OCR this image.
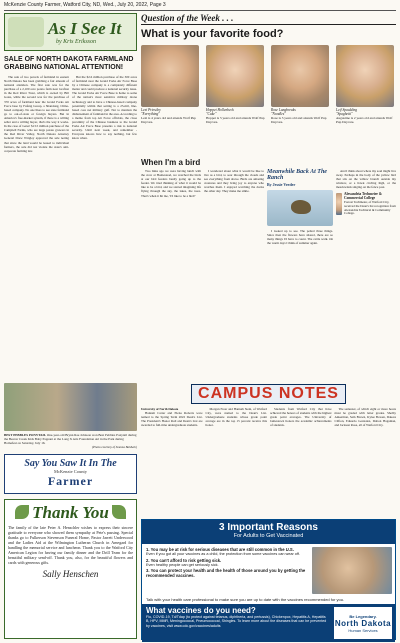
McKenzie County Farmer, Watford City, ND, Wed., July 20, 2022, Page 3
As I See It
by Kris Eriksson
SALE OF NORTH DAKOTA FARMLAND GRABBING NATIONAL ATTENTION!

The sale of two parcels of farmland in eastern North Dakota has been grabbing a fair amount of national attention. The first sale was for the purchase of a 2,100 acre potato farm near Grafton in the Red River Trust, which is owned by Bill Gates, while the second was for the purchase of 370 acres of farmland near the Grand Forks Air Force base by Fufeng Group, a Shandong, China-based company. No one likes to see state farmland go to out-of-state or foreign buyers. But in America's free-market system, if there is a willing seller and a willing buyer, that's the way it works. In the case of Gates' $13.5 million purchase of the Campbell Farms, who are large potato growers in the Red River Valley, North Dakota Attorney General Drew Wrigley approved the sale noting that since the land would be leased to individual farmers, the sale did not violate the state's anti-corporate farming law.

But the $2.6 million purchase of the 300 acres of farmland near the Grand Forks Air Force Base by a Chinese company is a completely different matter and could produce a national security issue. The Grand Forks Air Force Base is home to some of the nation's most sensitive military drone technology and to have a Chinese-based company potentially within that setting is a 25-mil, line-based core net military gulf. Not to mention the disbursement of farmland in the area. According to a memo from top Air Force officials, the close proximity of the Chinese business to the Grand Forks Air Force Base presents a risk to national security. Until next week, and remember - Everyone knows how to say nothing, but few know when.

Question of the Week . . .
What is your favorite food?
Lexi Priestley
"Everything"
Lexi is 4 years old and attends Wolf Pup Daycare.
Hoppet Hollenbeck
"Cake"
Hoppet is 5 years old and attends Wolf Pup Daycare.
Rose Langbreaks
"Noodles"
Rose is 3 years old and attends Wolf Pup Daycare.
Leif Spaulding
"Spaghetti"
Augustine is 2 years old and attends Wolf Pup Daycare.
When I'm a bird

Two links ago we were having lunch with the crew at Homestead, we watched the birds at our bird feeders busily going up to the feeder. We tried thinking of what it would be like to be a bird, and we started imagining life flying through the sky, the lakes, the trees. That's when it hit me, 'I'd like to be a bird!'

I wondered about what it would be like to live as a bird, to soar through the clouds and see everything from above. Birds are amazing creatures and they bring joy to anyone who watches them. I enjoyed watching the ducks the other day. They make me smile.

Meanwhile Back At The Ranch
By Jessie Veeder

I looked up to see. The pelted three things. Since then the flowers have shared, there are so many things I'd have to count. The cattle walk. On the warm days I think of summer again.

And I think about where my soul might live away. Perhaps in the body of the yellow bird that sits on the willow branch outside my window, or a hawk circling high, or the meadowlark singing on the fence post.

Alexandria Techmeier & Commercial College
Forrest Techmeier, of Watford City, received the Dean's list recognition from Alexandria Technical & Community College.
BEST PEBBLES PONYTAIL One-year-old Brynn Rae Johnson won Best Pebbles Ponytail during the Beaver Creek Kids Baby Pageant at the Long X Arts Foundation Art in the Park during Homefest on Saturday, July 16.
(Photo courtesy of Seanna Baldwin)
CAMPUS NOTES
University of North Dakota

Hannah Carter and Elena Roberts were named to the Spring Term 2022 Dean's List. The President's Honor Roll and Dean's List are awarded to full-time undergraduate students.

Morgan Freer and Hannah Stein, of Watford City, were named to the Dean's List. Undergraduate students whose grade point average are in the top 15 percent receive this honor.

Students from Watford City that have achieved the honors of students with the highest grade point averages. The University of Jamestown honors the academic achievements of students.

The semester, of which eight or more hours must be graded with letter grades. Shelby Ankerman, Sam Brown, Kylee Bowen, Dakota Cilfton, Eduardo Gonzalez, Dalton Hagaman, and Jackson Rosa, all of Watford City.

Say You Saw It In The
McKenzie County
Farmer
Thank You
The family of the late Peter A. Henschler wishes to express their sincere gratitude to everyone who showed them sympathy at Pete's passing. Special thanks go to Fulkerson Stevenson Funeral Home, Pastor Jarrett Underwood and the Ladies Aid at the Wilmington Lutheran Church in Arnegard for handling the memorial service and luncheon. Thank you to the Watford City American Legion for having our family dinner and the Drill Team for the beautiful military send-off. Thank you, also, for the beautiful flowers and cards with generous gifts.
Sally Henschen
3 Important Reasons
For Adults to Get Vaccinated
1. You may be at risk for serious diseases that are still common in the U.S.
Even if you got all your vaccines as a child, the protection from some vaccines can wear off.
2. You can't afford to risk getting sick.
Even healthy people can get seriously sick.
3. You can protect your health and the health of those around you by getting the recommended vaccines.
Talk with your health care professional to make sure you are up to date with the vaccines recommended for you.
What vaccines do you need?
Flu, COVID-19, Td/Tdap (to protect against tetanus, diphtheria, and pertussis), Chickenpox, Hepatitis A, Hepatitis B, HPV, MMR, Meningococcal, Pneumococcal, Shingles. To learn more about the diseases that can be prevented by vaccines, visit www.cdc.gov/vaccines/adults
Be Legendary.
North Dakota
Human Services
